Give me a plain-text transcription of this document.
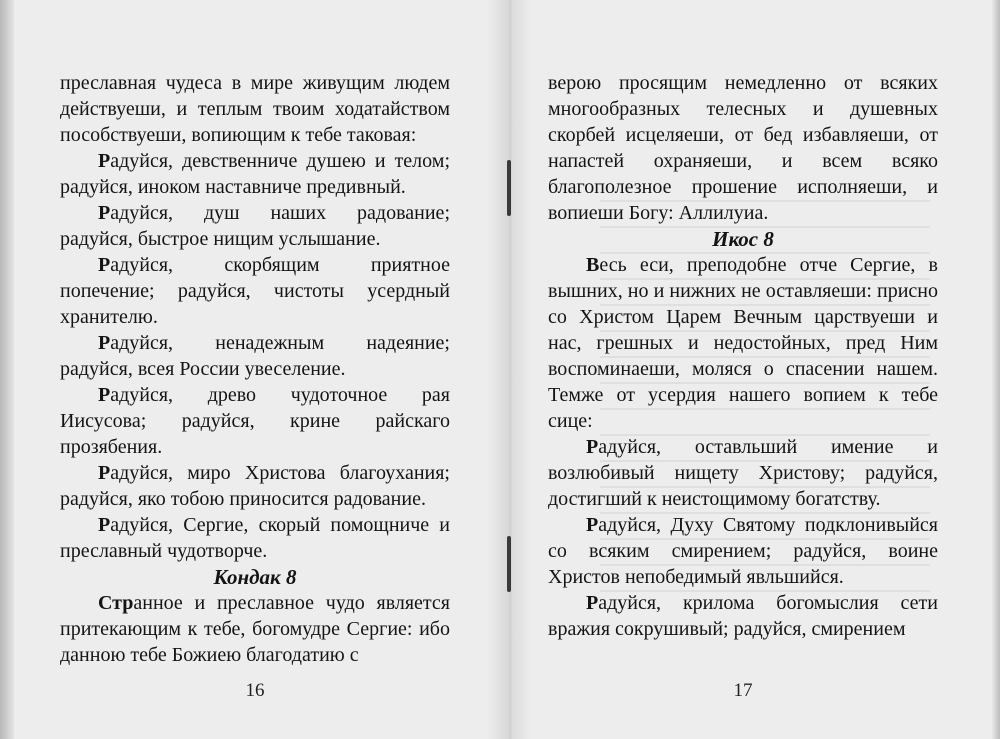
преславная чудеса в мире живущим людем действуеши, и теплым твоим ходатайством пособствуеши, вопиющим к тебе таковая:

Радуйся, девственниче душею и телом; радуйся, иноком наставниче предивный.

Радуйся, душ наших радование; радуйся, быстрое нищим услышание.

Радуйся, скорбящим приятное попечение; радуйся, чистоты усердный хранителю.

Радуйся, ненадежным надеяние; радуйся, всея России увеселение.

Радуйся, древо чудоточное рая Иисусова; радуйся, крине райскаго прозябения.

Радуйся, миро Христова благоухания; радуйся, яко тобою приносится радование.

Радуйся, Сергие, скорый помощниче и преславный чудотворче.

Кондак 8

Странное и преславное чудо является притекающим к тебе, богомудре Сергие: ибо данною тебе Божиею благодатию с

16

верою просящим немедленно от всяких многообразных телесных и душевных скорбей исцеляеши, от бед избавляеши, от напастей охраняеши, и всем всяко благополезное прошение исполняеши, и вопиеши Богу: Аллилуиа.

Икос 8

Весь еси, преподобне отче Сергие, в вышних, но и нижних не оставляеши: присно со Христом Царем Вечным царствуеши и нас, грешных и недостойных, пред Ним воспоминаеши, моляся о спасении нашем. Темже от усердия нашего вопием к тебе сице:

Радуйся, оставльший имение и возлюбивый нищету Христову; радуйся, достигший к неистощимому богатству.

Радуйся, Духу Святому подклонивыйся со всяким смирением; радуйся, воине Христов непобедимый явльшийся.

Радуйся, крилома богомыслия сети вражия сокрушивый; радуйся, смирением

17
